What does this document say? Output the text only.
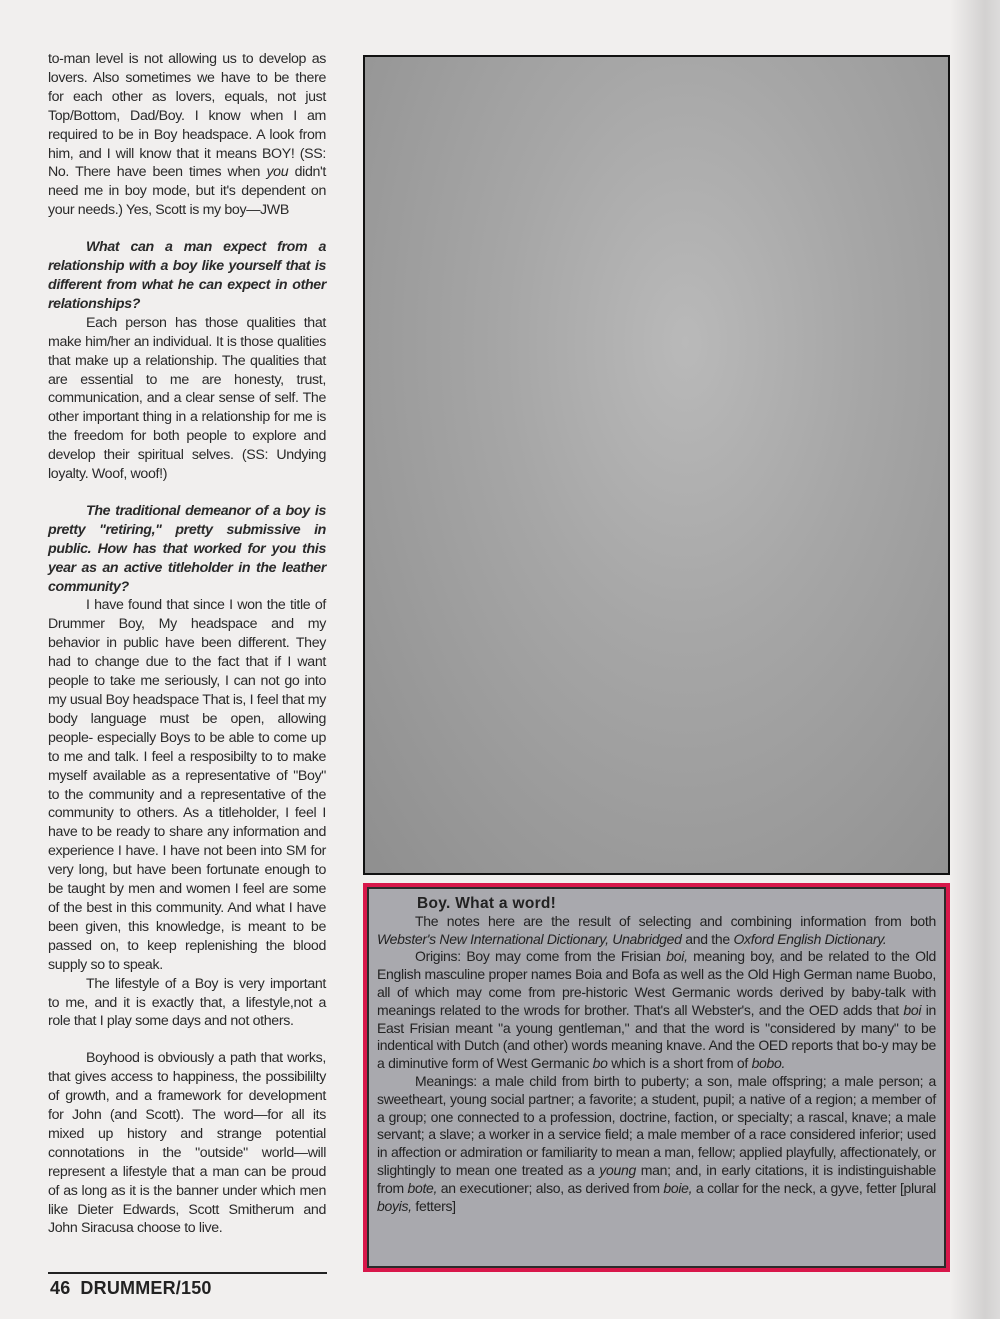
to-man level is not allowing us to develop as lovers. Also sometimes we have to be there for each other as lovers, equals, not just Top/Bottom, Dad/Boy. I know when I am required to be in Boy headspace. A look from him, and I will know that it means BOY! (SS: No. There have been times when you didn't need me in boy mode, but it's dependent on your needs.) Yes, Scott is my boy—JWB

What can a man expect from a relationship with a boy like yourself that is different from what he can expect in other relationships?

Each person has those qualities that make him/her an individual. It is those qualities that make up a relationship. The qualities that are essential to me are honesty, trust, communication, and a clear sense of self. The other important thing in a relationship for me is the freedom for both people to explore and develop their spiritual selves. (SS: Undying loyalty. Woof, woof!)

The traditional demeanor of a boy is pretty "retiring," pretty submissive in public. How has that worked for you this year as an active titleholder in the leather community?

I have found that since I won the title of Drummer Boy, My headspace and my behavior in public have been different. They had to change due to the fact that if I want people to take me seriously, I can not go into my usual Boy headspace That is, I feel that my body language must be open, allowing people- especially Boys to be able to come up to me and talk. I feel a resposibilty to to make myself available as a representative of "Boy" to the community and a representative of the community to others. As a titleholder, I feel I have to be ready to share any information and experience I have. I have not been into SM for very long, but have been fortunate enough to be taught by men and women I feel are some of the best in this community. And what I have been given, this knowledge, is meant to be passed on, to keep replenishing the blood supply so to speak.

The lifestyle of a Boy is very important to me, and it is exactly that, a lifestyle,not a role that I play some days and not others.

Boyhood is obviously a path that works, that gives access to happiness, the possibililty of growth, and a framework for development for John (and Scott). The word—for all its mixed up history and strange potential connotations in the "outside" world—will represent a lifestyle that a man can be proud of as long as it is the banner under which men like Dieter Edwards, Scott Smitherum and John Siracusa choose to live.

Boy. What a word!

The notes here are the result of selecting and combining information from both Webster's New International Dictionary, Unabridged and the Oxford English Dictionary.

Origins: Boy may come from the Frisian boi, meaning boy, and be related to the Old English masculine proper names Boia and Bofa as well as the Old High German name Buobo, all of which may come from pre-historic West Germanic words derived by baby-talk with meanings related to the wrods for brother. That's all Webster's, and the OED adds that boi in East Frisian meant "a young gentleman," and that the word is "considered by many" to be indentical with Dutch (and other) words meaning knave. And the OED reports that bo-y may be a diminutive form of West Germanic bo which is a short from of bobo.

Meanings: a male child from birth to puberty; a son, male offspring; a male person; a sweetheart, young social partner; a favorite; a student, pupil; a native of a region; a member of a group; one connected to a profession, doctrine, faction, or specialty; a rascal, knave; a male servant; a slave; a worker in a service field; a male member of a race considered inferior; used in affection or admiration or familiarity to mean a man, fellow; applied playfully, affectionately, or slightingly to mean one treated as a young man; and, in early citations, it is indistinguishable from bote, an executioner; also, as derived from boie, a collar for the neck, a gyve, fetter [plural boyis, fetters]

46 DRUMMER/150
